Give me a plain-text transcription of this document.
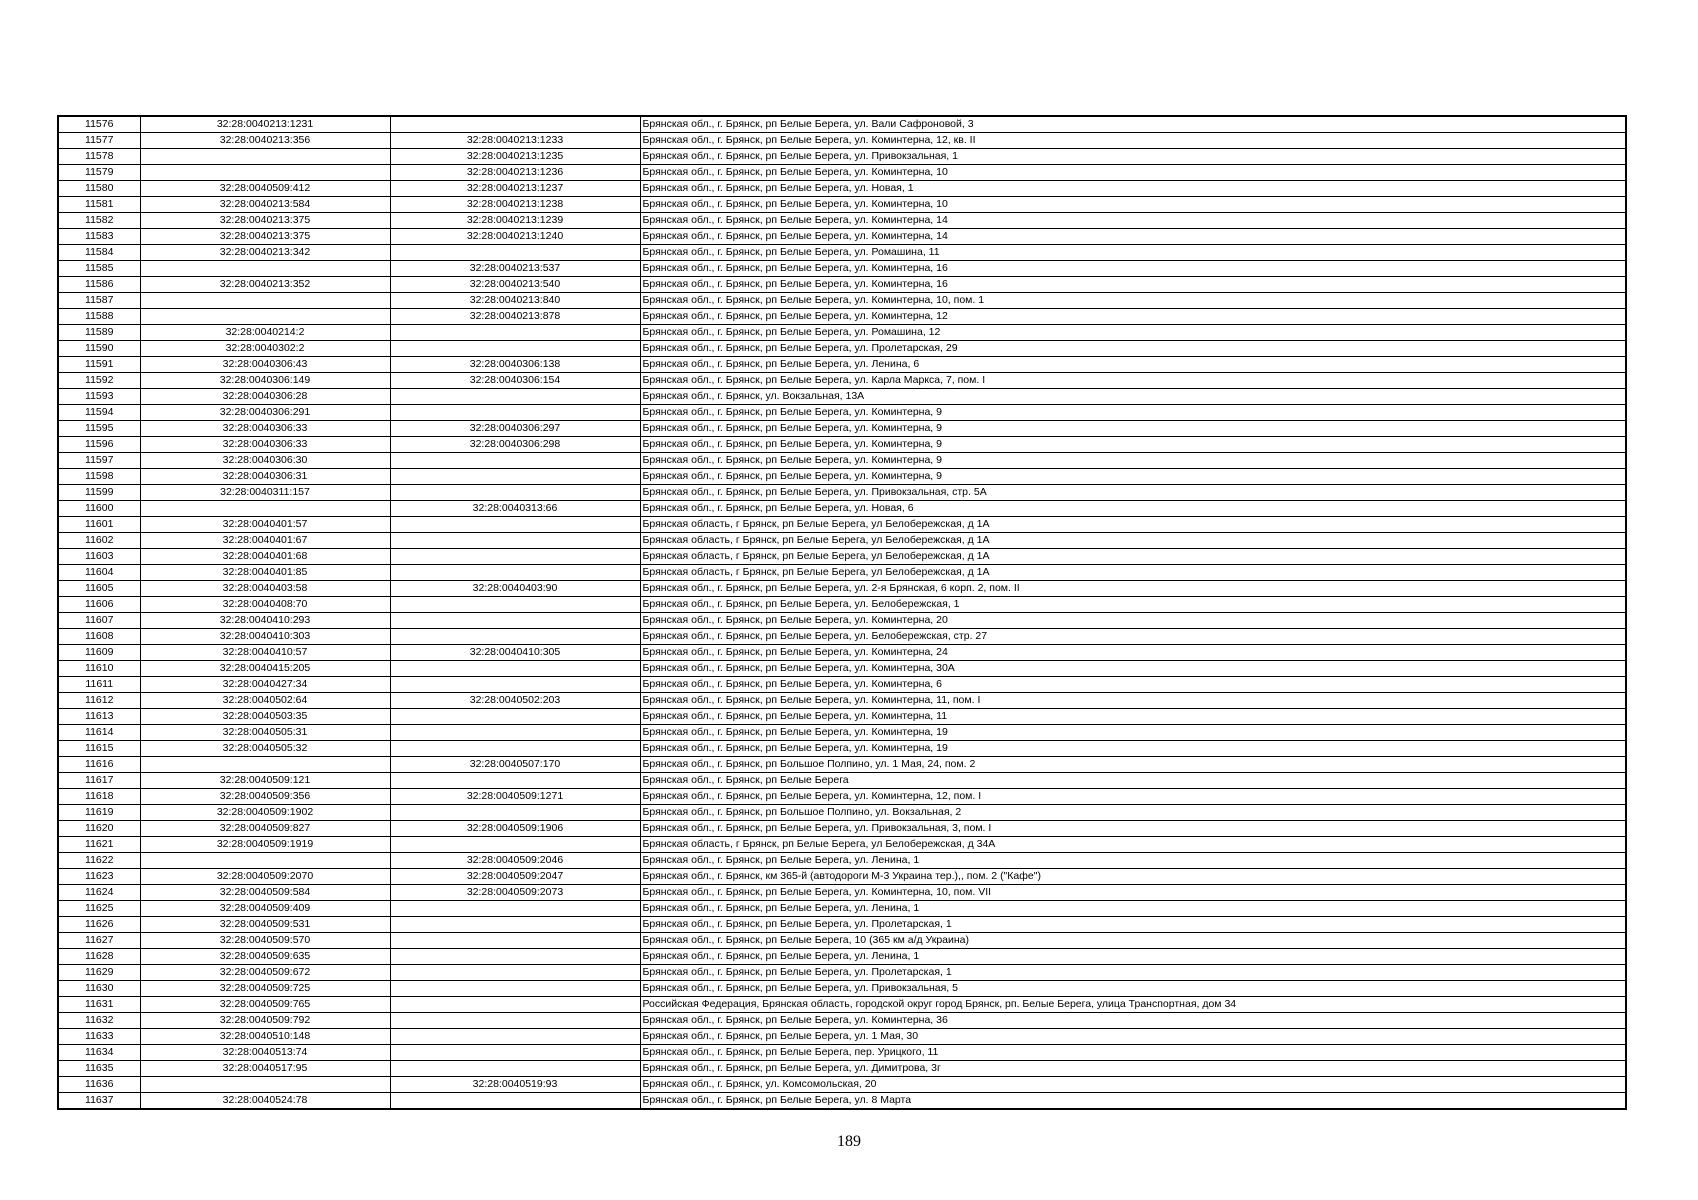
11576	32:28:0040213:1231		Брянская обл., г. Брянск, рп Белые Берега, ул. Вали Сафроновой, 3
11577	32:28:0040213:356	32:28:0040213:1233	Брянская обл., г. Брянск, рп Белые Берега, ул. Коминтерна, 12, кв. II
11578		32:28:0040213:1235	Брянская обл., г. Брянск, рп Белые Берега, ул. Привокзальная, 1
11579		32:28:0040213:1236	Брянская обл., г. Брянск, рп Белые Берега, ул. Коминтерна, 10
11580	32:28:0040509:412	32:28:0040213:1237	Брянская обл., г. Брянск, рп Белые Берега, ул. Новая, 1
11581	32:28:0040213:584	32:28:0040213:1238	Брянская обл., г. Брянск, рп Белые Берега, ул. Коминтерна, 10
11582	32:28:0040213:375	32:28:0040213:1239	Брянская обл., г. Брянск, рп Белые Берега, ул. Коминтерна, 14
11583	32:28:0040213:375	32:28:0040213:1240	Брянская обл., г. Брянск, рп Белые Берега, ул. Коминтерна, 14
11584	32:28:0040213:342		Брянская обл., г. Брянск, рп Белые Берега, ул. Ромашина, 11
11585		32:28:0040213:537	Брянская обл., г. Брянск, рп Белые Берега, ул. Коминтерна, 16
11586	32:28:0040213:352	32:28:0040213:540	Брянская обл., г. Брянск, рп Белые Берега, ул. Коминтерна, 16
11587		32:28:0040213:840	Брянская обл., г. Брянск, рп Белые Берега, ул. Коминтерна, 10, пом. 1
11588		32:28:0040213:878	Брянская обл., г. Брянск, рп Белые Берега, ул. Коминтерна, 12
11589	32:28:0040214:2		Брянская обл., г. Брянск, рп Белые Берега, ул. Ромашина, 12
11590	32:28:0040302:2		Брянская обл., г. Брянск, рп Белые Берега, ул. Пролетарская, 29
11591	32:28:0040306:43	32:28:0040306:138	Брянская обл., г. Брянск, рп Белые Берега, ул. Ленина, 6
11592	32:28:0040306:149	32:28:0040306:154	Брянская обл., г. Брянск, рп Белые Берега, ул. Карла Маркса, 7, пом. I
11593	32:28:0040306:28		Брянская обл., г. Брянск, ул. Вокзальная, 13А
11594	32:28:0040306:291		Брянская обл., г. Брянск, рп Белые Берега, ул. Коминтерна, 9
11595	32:28:0040306:33	32:28:0040306:297	Брянская обл., г. Брянск, рп Белые Берега, ул. Коминтерна, 9
11596	32:28:0040306:33	32:28:0040306:298	Брянская обл., г. Брянск, рп Белые Берега, ул. Коминтерна, 9
11597	32:28:0040306:30		Брянская обл., г. Брянск, рп Белые Берега, ул. Коминтерна, 9
11598	32:28:0040306:31		Брянская обл., г. Брянск, рп Белые Берега, ул. Коминтерна, 9
11599	32:28:0040311:157		Брянская обл., г. Брянск, рп Белые Берега, ул. Привокзальная, стр. 5А
11600		32:28:0040313:66	Брянская обл., г. Брянск, рп Белые Берега, ул. Новая, 6
11601	32:28:0040401:57		Брянская область, г Брянск, рп Белые Берега, ул Белобережская, д 1А
11602	32:28:0040401:67		Брянская область, г Брянск, рп Белые Берега, ул Белобережская, д 1А
11603	32:28:0040401:68		Брянская область, г Брянск, рп Белые Берега, ул Белобережская, д 1А
11604	32:28:0040401:85		Брянская область, г Брянск, рп Белые Берега, ул Белобережская, д 1А
11605	32:28:0040403:58	32:28:0040403:90	Брянская обл., г. Брянск, рп Белые Берега, ул. 2-я Брянская, 6 корп. 2, пом. II
11606	32:28:0040408:70		Брянская обл., г. Брянск, рп Белые Берега, ул. Белобережская, 1
11607	32:28:0040410:293		Брянская обл., г. Брянск, рп Белые Берега, ул. Коминтерна, 20
11608	32:28:0040410:303		Брянская обл., г. Брянск, рп Белые Берега, ул. Белобережская, стр. 27
11609	32:28:0040410:57	32:28:0040410:305	Брянская обл., г. Брянск, рп Белые Берега, ул. Коминтерна, 24
11610	32:28:0040415:205		Брянская обл., г. Брянск, рп Белые Берега, ул. Коминтерна, 30А
11611	32:28:0040427:34		Брянская обл., г. Брянск, рп Белые Берега, ул. Коминтерна, 6
11612	32:28:0040502:64	32:28:0040502:203	Брянская обл., г. Брянск, рп Белые Берега, ул. Коминтерна, 11, пом. I
11613	32:28:0040503:35		Брянская обл., г. Брянск, рп Белые Берега, ул. Коминтерна, 11
11614	32:28:0040505:31		Брянская обл., г. Брянск, рп Белые Берега, ул. Коминтерна, 19
11615	32:28:0040505:32		Брянская обл., г. Брянск, рп Белые Берега, ул. Коминтерна, 19
11616		32:28:0040507:170	Брянская обл., г. Брянск, рп Большое Полпино, ул. 1 Мая, 24, пом. 2
11617	32:28:0040509:121		Брянская обл., г. Брянск, рп Белые Берега
11618	32:28:0040509:356	32:28:0040509:1271	Брянская обл., г. Брянск, рп Белые Берега, ул. Коминтерна, 12, пом. I
11619	32:28:0040509:1902		Брянская обл., г. Брянск, рп Большое Полпино, ул. Вокзальная, 2
11620	32:28:0040509:827	32:28:0040509:1906	Брянская обл., г. Брянск, рп Белые Берега, ул. Привокзальная, 3, пом. I
11621	32:28:0040509:1919		Брянская область, г Брянск, рп Белые Берега, ул Белобережская, д 34А
11622		32:28:0040509:2046	Брянская обл., г. Брянск, рп Белые Берега, ул. Ленина, 1
11623	32:28:0040509:2070	32:28:0040509:2047	Брянская обл., г. Брянск, км 365-й (автодороги М-3 Украина тер.),, пом. 2 ("Кафе")
11624	32:28:0040509:584	32:28:0040509:2073	Брянская обл., г. Брянск, рп Белые Берега, ул. Коминтерна, 10, пом. VII
11625	32:28:0040509:409		Брянская обл., г. Брянск, рп Белые Берега, ул. Ленина, 1
11626	32:28:0040509:531		Брянская обл., г. Брянск, рп Белые Берега, ул. Пролетарская, 1
11627	32:28:0040509:570		Брянская обл., г. Брянск, рп Белые Берега, 10 (365 км а/д Украина)
11628	32:28:0040509:635		Брянская обл., г. Брянск, рп Белые Берега, ул. Ленина, 1
11629	32:28:0040509:672		Брянская обл., г. Брянск, рп Белые Берега, ул. Пролетарская, 1
11630	32:28:0040509:725		Брянская обл., г. Брянск, рп Белые Берега, ул. Привокзальная, 5
11631	32:28:0040509:765		Российская Федерация, Брянская область, городской округ город Брянск, рп. Белые Берега, улица Транспортная, дом 34
11632	32:28:0040509:792		Брянская обл., г. Брянск, рп Белые Берега, ул. Коминтерна, 36
11633	32:28:0040510:148		Брянская обл., г. Брянск, рп Белые Берега, ул. 1 Мая, 30
11634	32:28:0040513:74		Брянская обл., г. Брянск, рп Белые Берега, пер. Урицкого, 11
11635	32:28:0040517:95		Брянская обл., г. Брянск, рп Белые Берега, ул. Димитрова, 3г
11636		32:28:0040519:93	Брянская обл., г. Брянск, ул. Комсомольская, 20
11637	32:28:0040524:78		Брянская обл., г. Брянск, рп Белые Берега, ул. 8 Марта
189
